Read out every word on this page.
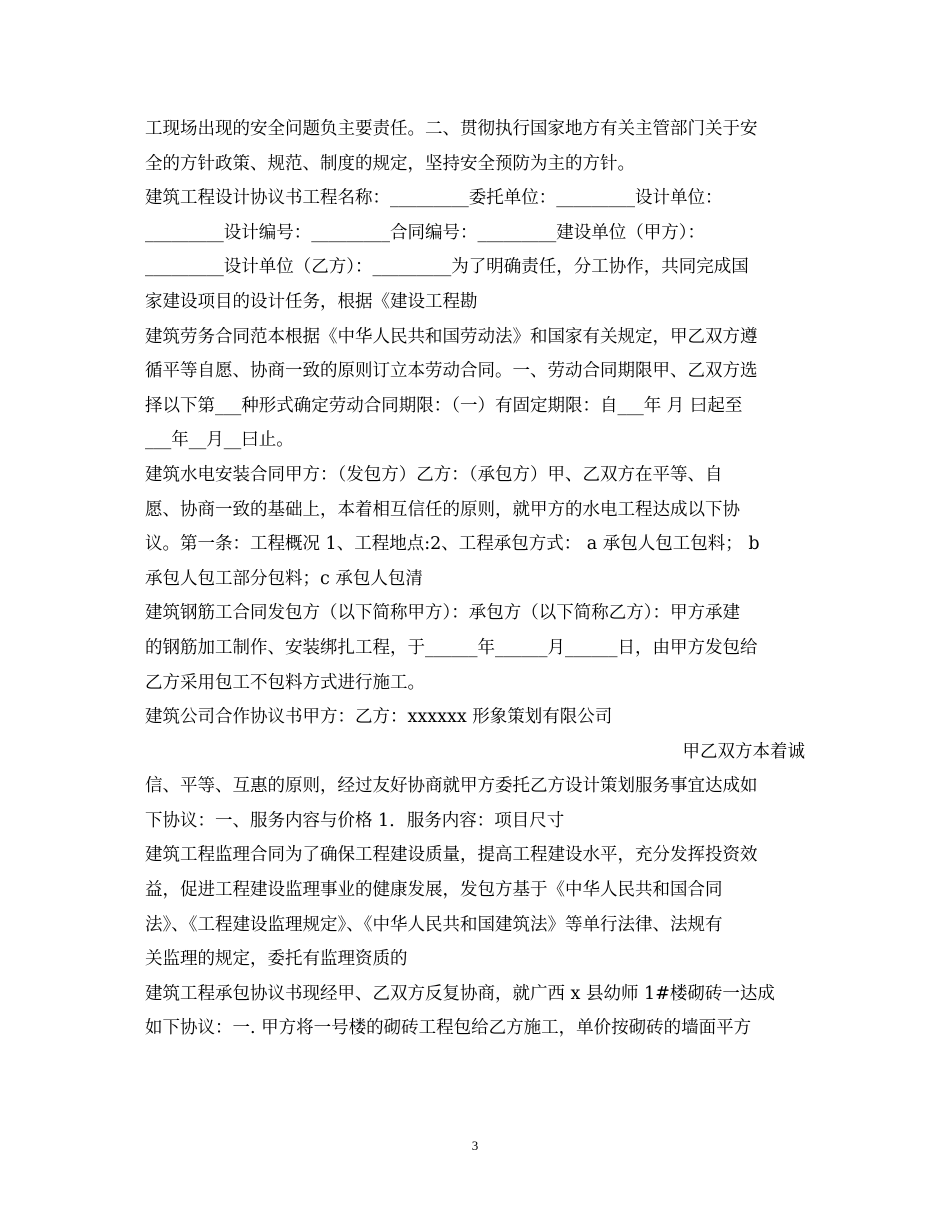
工现场出现的安全问题负主要责任。二、贯彻执行国家地方有关主管部门关于安
全的方针政策、规范、制度的规定，坚持安全预防为主的方针。
建筑工程设计协议书工程名称：_________委托单位：_________设计单位：
_________设计编号：_________合同编号：_________建设单位（甲方）：
_________设计单位（乙方）：_________为了明确责任，分工协作，共同完成国
家建设项目的设计任务，根据《建设工程勘
建筑劳务合同范本根据《中华人民共和国劳动法》和国家有关规定，甲乙双方遵
循平等自愿、协商一致的原则订立本劳动合同。一、劳动合同期限甲、乙双方选
择以下第___种形式确定劳动合同期限：（一）有固定期限：自___年 月 曰起至
___年__月__曰止。
建筑水电安装合同甲方：（发包方）乙方：（承包方）甲、乙双方在平等、自
愿、协商一致的基础上，本着相互信任的原则，就甲方的水电工程达成以下协
议。第一条：工程概况 1、工程地点:2、工程承包方式： a 承包人包工包料； b
承包人包工部分包料；c 承包人包清
建筑钢筋工合同发包方（以下简称甲方）：承包方（以下简称乙方）：甲方承建
的钢筋加工制作、安装绑扎工程，于______年______月______日，由甲方发包给
乙方采用包工不包料方式进行施工。
建筑公司合作协议书甲方：乙方：xxxxxx 形象策划有限公司
甲乙双方本着诚
信、平等、互惠的原则，经过友好协商就甲方委托乙方设计策划服务事宜达成如
下协议：一、服务内容与价格 1．服务内容：项目尺寸
建筑工程监理合同为了确保工程建设质量，提高工程建设水平，充分发挥投资效
益，促进工程建设监理事业的健康发展，发包方基于《中华人民共和国合同
法》、《工程建设监理规定》、《中华人民共和国建筑法》等单行法律、法规有
关监理的规定，委托有监理资质的
建筑工程承包协议书现经甲、乙双方反复协商，就广西 x 县幼师 1#楼砌砖一达成
如下协议：一. 甲方将一号楼的砌砖工程包给乙方施工，单价按砌砖的墙面平方
3
